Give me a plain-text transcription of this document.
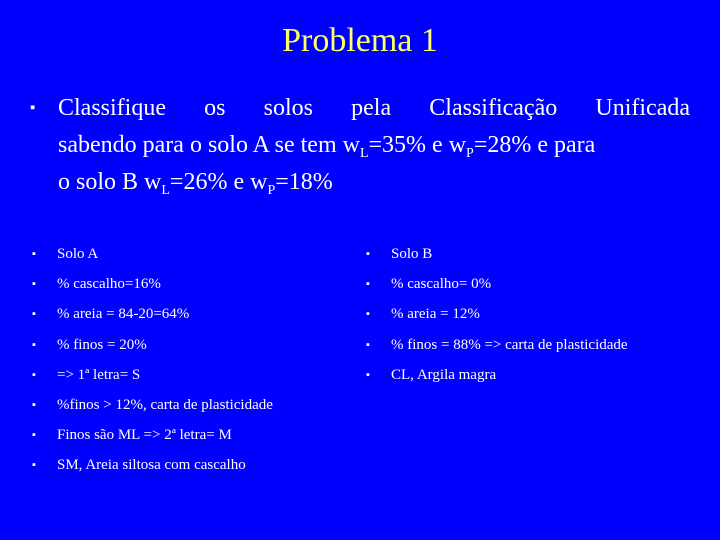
Problema 1
▪ Classifique os solos pela Classificação Unificada
sabendo para o solo A se tem $w_L=35\%$ e $w_P=28\%$ e para
o solo B $w_L=26\%$ e $w_P=18\%$
▪ Solo A
▪ % cascalho=16%
▪ % areia = 84-20=64%
▪ % finos = 20%
▪ => 1ª letra= S
▪ %finos > 12%, carta de plasticidade
▪ Finos são ML => 2ª letra= M
▪ SM, Areia siltosa com cascalho
▪ Solo B
▪ % cascalho= 0%
▪ % areia = 12%
▪ % finos = 88% => carta de plasticidade
▪ CL, Argila magra
